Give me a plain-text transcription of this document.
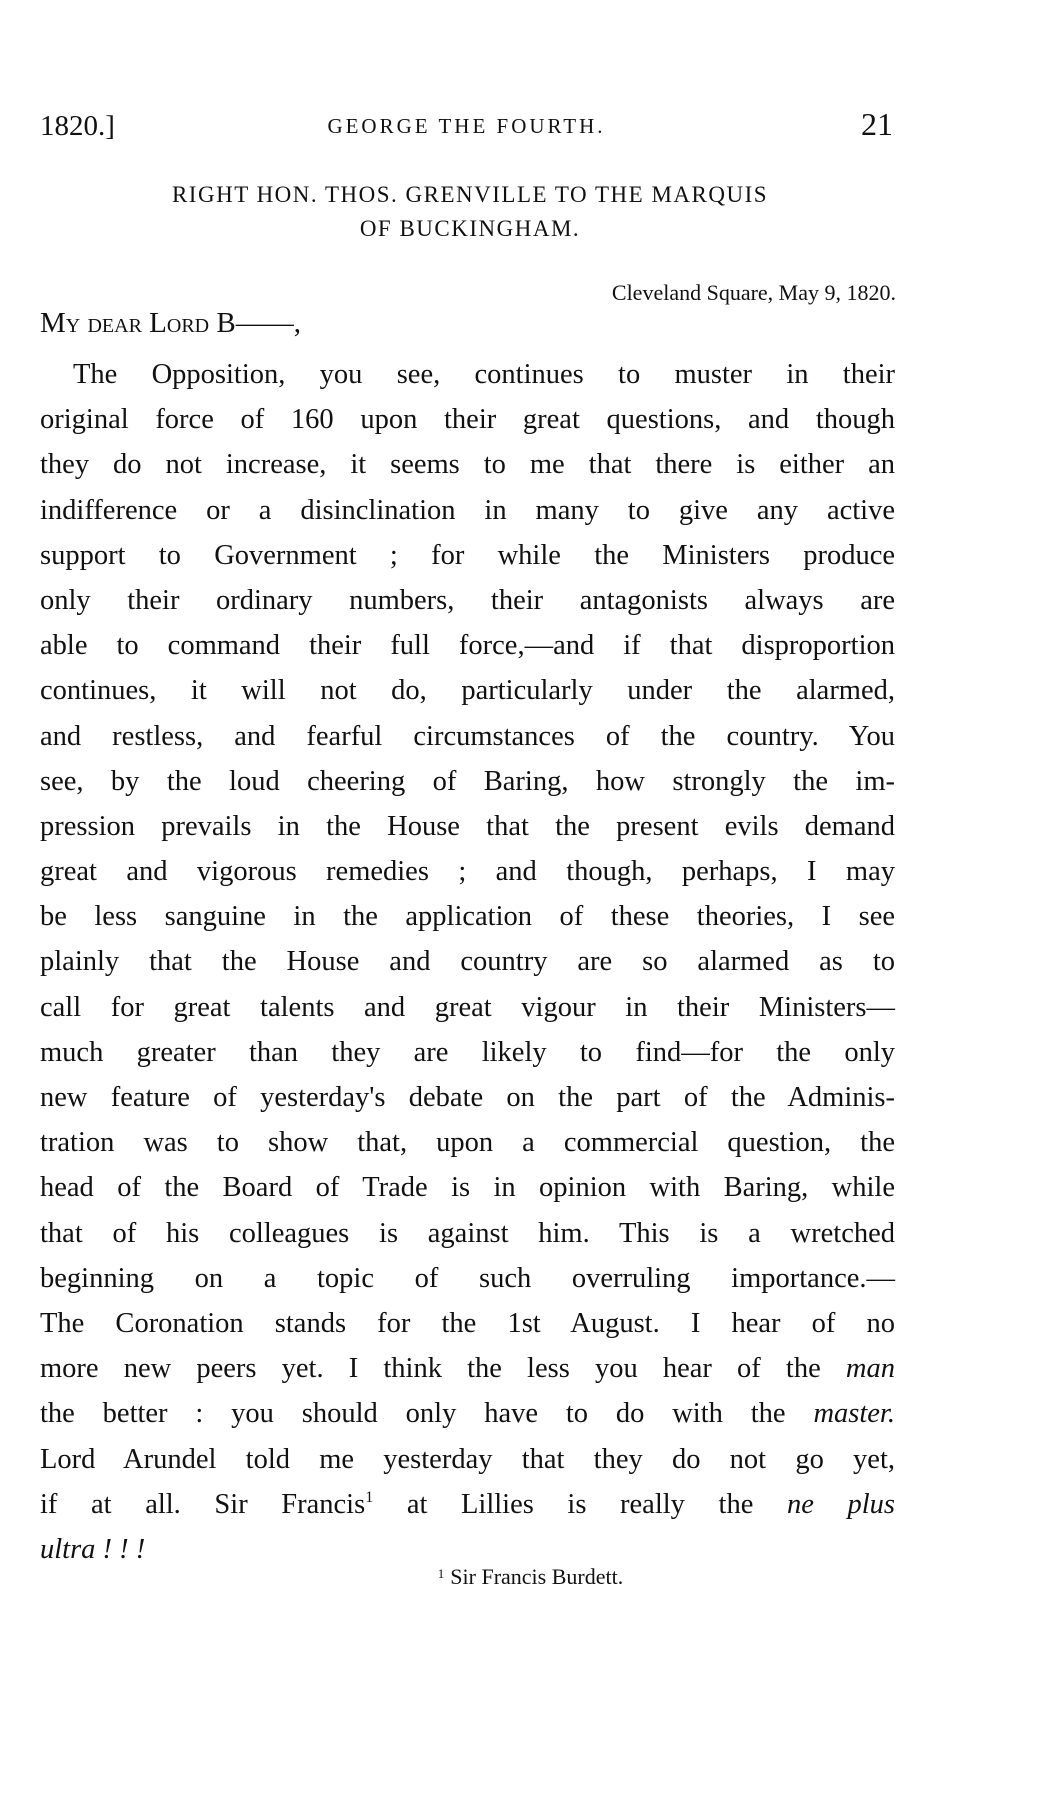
1820.]	GEORGE THE FOURTH.	21
RIGHT HON. THOS. GRENVILLE TO THE MARQUIS
OF BUCKINGHAM.
Cleveland Square, May 9, 1820.
My dear Lord B——,
The Opposition, you see, continues to muster in their
original force of 160 upon their great questions, and though
they do not increase, it seems to me that there is either an
indifference or a disinclination in many to give any active
support to Government ; for while the Ministers produce
only their ordinary numbers, their antagonists always are
able to command their full force,—and if that disproportion
continues, it will not do, particularly under the alarmed,
and restless, and fearful circumstances of the country. You
see, by the loud cheering of Baring, how strongly the im-
pression prevails in the House that the present evils demand
great and vigorous remedies ; and though, perhaps, I may
be less sanguine in the application of these theories, I see
plainly that the House and country are so alarmed as to
call for great talents and great vigour in their Ministers—
much greater than they are likely to find—for the only
new feature of yesterday's debate on the part of the Adminis-
tration was to show that, upon a commercial question, the
head of the Board of Trade is in opinion with Baring, while
that of his colleagues is against him. This is a wretched
beginning on a topic of such overruling importance.—
The Coronation stands for the 1st August. I hear of no
more new peers yet. I think the less you hear of the man
the better : you should only have to do with the master.
Lord Arundel told me yesterday that they do not go yet,
if at all. Sir Francis$^1$ at Lillies is really the ne plus
ultra ! ! !
$^1$ Sir Francis Burdett.
